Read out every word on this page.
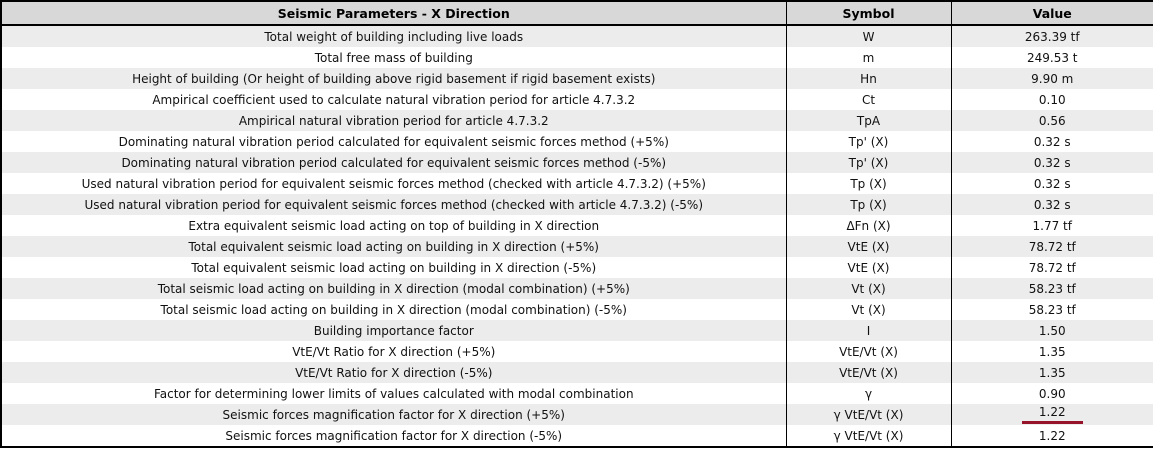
Seismic Parameters - X Direction	Symbol	Value
Total weight of building including live loads	W	263.39 tf
Total free mass of building	m	249.53 t
Height of building (Or height of building above rigid basement if rigid basement exists)	Hn	9.90 m
Ampirical coefficient used to calculate natural vibration period for article 4.7.3.2	Ct	0.10
Ampirical natural vibration period for article 4.7.3.2	TpA	0.56
Dominating natural vibration period calculated for equivalent seismic forces method (+5%)	Tp' (X)	0.32 s
Dominating natural vibration period calculated for equivalent seismic forces method (-5%)	Tp' (X)	0.32 s
Used natural vibration period for equivalent seismic forces method (checked with article 4.7.3.2) (+5%)	Tp (X)	0.32 s
Used natural vibration period for equivalent seismic forces method (checked with article 4.7.3.2) (-5%)	Tp (X)	0.32 s
Extra equivalent seismic load acting on top of building in X direction	ΔFn (X)	1.77 tf
Total equivalent seismic load acting on building in X direction (+5%)	VtE (X)	78.72 tf
Total equivalent seismic load acting on building in X direction (-5%)	VtE (X)	78.72 tf
Total seismic load acting on building in X direction (modal combination) (+5%)	Vt (X)	58.23 tf
Total seismic load acting on building in X direction (modal combination) (-5%)	Vt (X)	58.23 tf
Building importance factor	I	1.50
VtE/Vt Ratio for X direction (+5%)	VtE/Vt (X)	1.35
VtE/Vt Ratio for X direction (-5%)	VtE/Vt (X)	1.35
Factor for determining lower limits of values calculated with modal combination	γ	0.90
Seismic forces magnification factor for X direction (+5%)	γ VtE/Vt (X)	1.22
Seismic forces magnification factor for X direction (-5%)	γ VtE/Vt (X)	1.22
